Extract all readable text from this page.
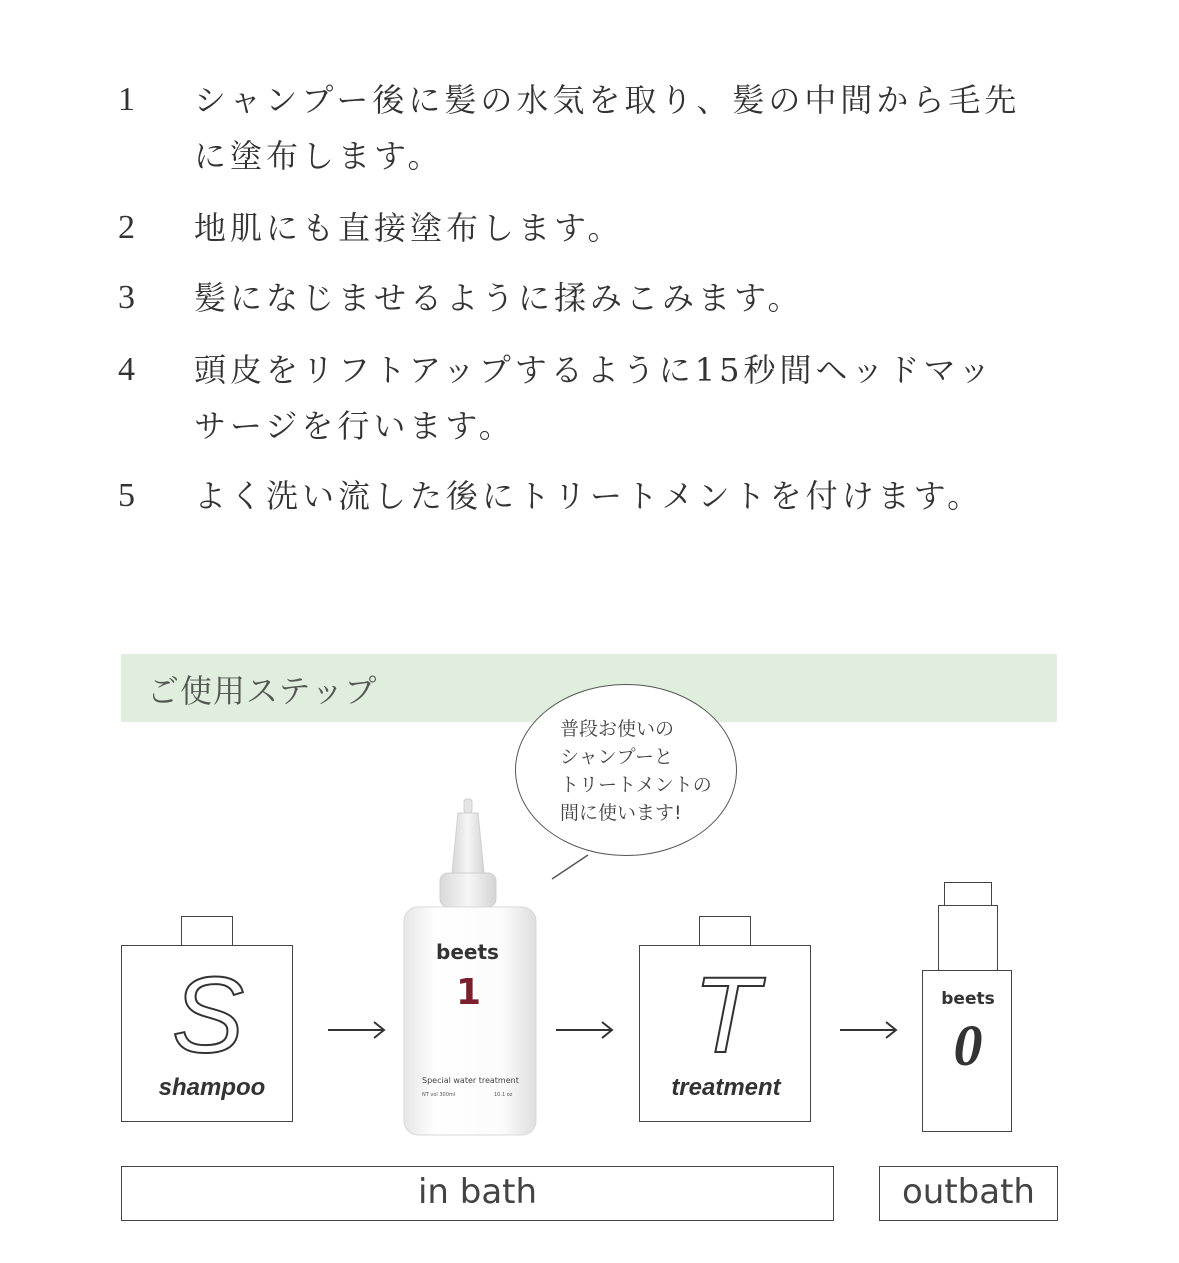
1 シャンプー後に髪の水気を取り、髪の中間から毛先
に塗布します。
2 地肌にも直接塗布します。
3 髪になじませるように揉みこみます。
4 頭皮をリフトアップするように15秒間ヘッドマッ
サージを行います。
5 よく洗い流した後にトリートメントを付けます。
ご使用ステップ
普段お使いの
シャンプーと
トリートメントの
間に使います!
S
shampoo
beets
1
Special water treatment
NT vol 300ml	10.1 oz
T
treatment
beets
0
in bath	outbath
